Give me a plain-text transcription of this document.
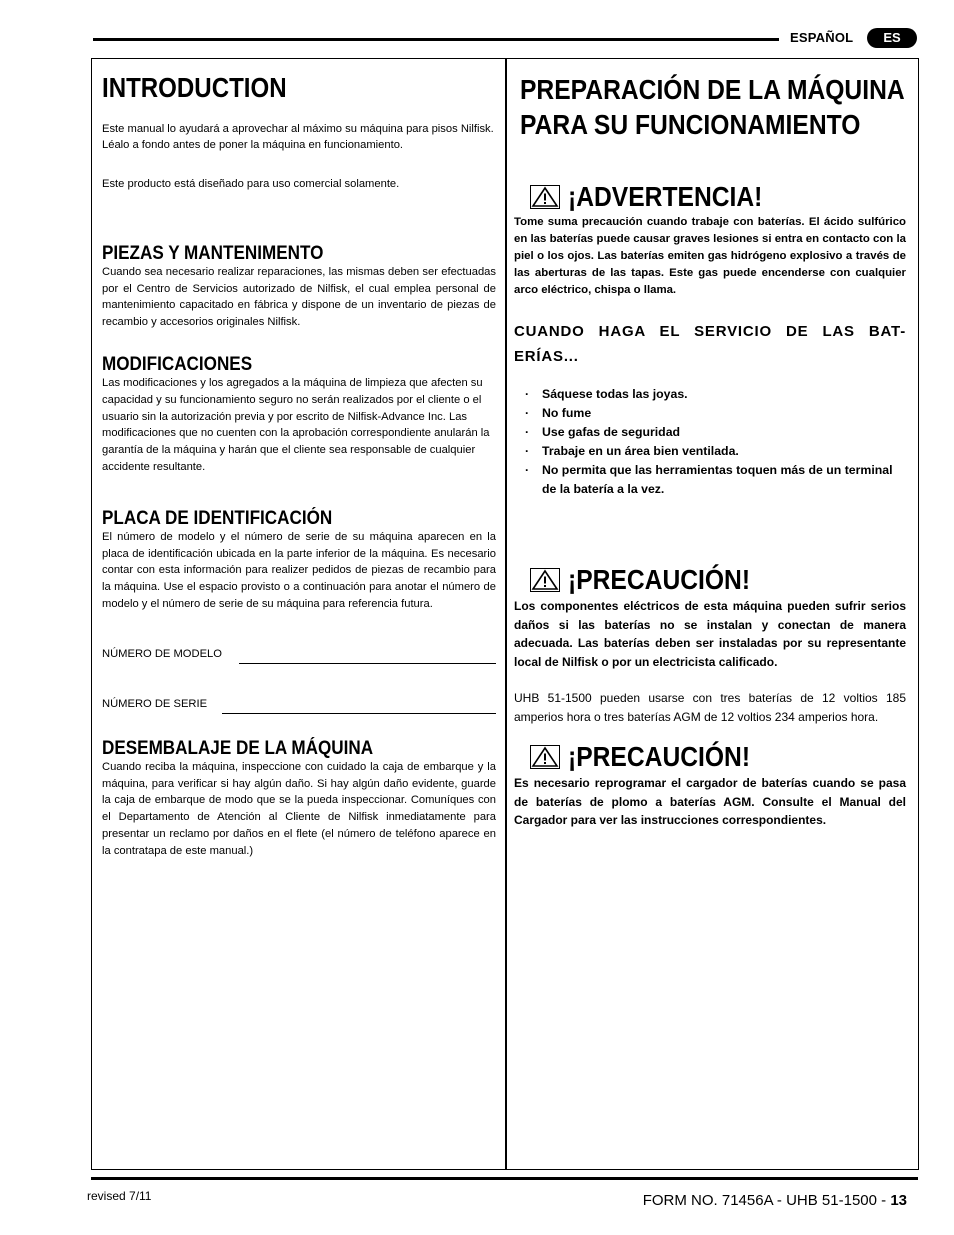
ESPAÑOL	ES
INTRODUCTION

Este manual lo ayudará a aprovechar al máximo su máquina para pisos Nilfisk. Léalo a fondo antes de poner la máquina en funcionamiento.

Este producto está diseñado para uso comercial solamente.

PIEZAS Y MANTENIMENTO

Cuando sea necesario realizar reparaciones, las mismas deben ser efectuadas por el Centro de Servicios autorizado de Nilfisk, el cual emplea personal de mantenimiento capacitado en fábrica y dispone de un inventario de piezas de recambio y accesorios originales Nilfisk.

MODIFICACIONES

Las modificaciones y los agregados a la máquina de limpieza que afecten su capacidad y su funcionamiento seguro no serán realizados por el cliente o el usuario sin la autorización previa y por escrito de Nilfisk-Advance Inc. Las modificaciones que no cuenten con la aprobación correspondiente anularán la garantía de la máquina y harán que el cliente sea responsable de cualquier accidente resultante.

PLACA DE IDENTIFICACIÓN

El número de modelo y el número de serie de su máquina aparecen en la placa de identificación ubicada en la parte inferior de la máquina. Es necesario contar con esta información para realizer pedidos de piezas de recambio para la máquina. Use el espacio provisto o a continuación para anotar el número de modelo y el número de serie de su máquina para referencia futura.

NÚMERO DE MODELO
NÚMERO DE SERIE
DESEMBALAJE DE LA MÁQUINA

Cuando reciba la máquina, inspeccione con cuidado la caja de embarque y la máquina, para verificar si hay algún daño. Si hay algún daño evidente, guarde la caja de embarque de modo que se la pueda inspeccionar. Comuníques con el Departamento de Atención al Cliente de Nilfisk inmediatamente para presentar un reclamo por daños en el flete (el número de teléfono aparece en la contratapa de este manual.)

PREPARACIÓN DE LA MÁQUINA
PARA SU FUNCIONAMIENTO
¡ADVERTENCIA!

Tome suma precaución cuando trabaje con baterías. El ácido sulfúrico en las baterías puede causar graves lesiones si entra en contacto con la piel o los ojos. Las baterías emiten gas hidrógeno explosivo a través de las aberturas de las tapas. Este gas puede encenderse con cualquier arco eléctrico, chispa o llama.

CUANDO HAGA EL SERVICIO DE LAS BAT-

ERÍAS...

· Sáquese todas las joyas.
· No fume
· Use gafas de seguridad
· Trabaje en un área bien ventilada.
· No permita que las herramientas toquen más de un terminal de la batería a la vez.
¡PRECAUCIÓN!

Los componentes eléctricos de esta máquina pueden sufrir serios daños si las baterías no se instalan y conectan de manera adecuada. Las baterías deben ser instaladas por su representante local de Nilfisk o por un electricista calificado.

UHB 51-1500 pueden usarse con tres baterías de 12 voltios 185 amperios hora o tres baterías AGM de 12 voltios 234 amperios hora.

¡PRECAUCIÓN!

Es necesario reprogramar el cargador de baterías cuando se pasa de baterías de plomo a baterías AGM. Consulte el Manual del Cargador para ver las instrucciones correspondientes.

revised 7/11	FORM NO. 71456A - UHB 51-1500 - 13
